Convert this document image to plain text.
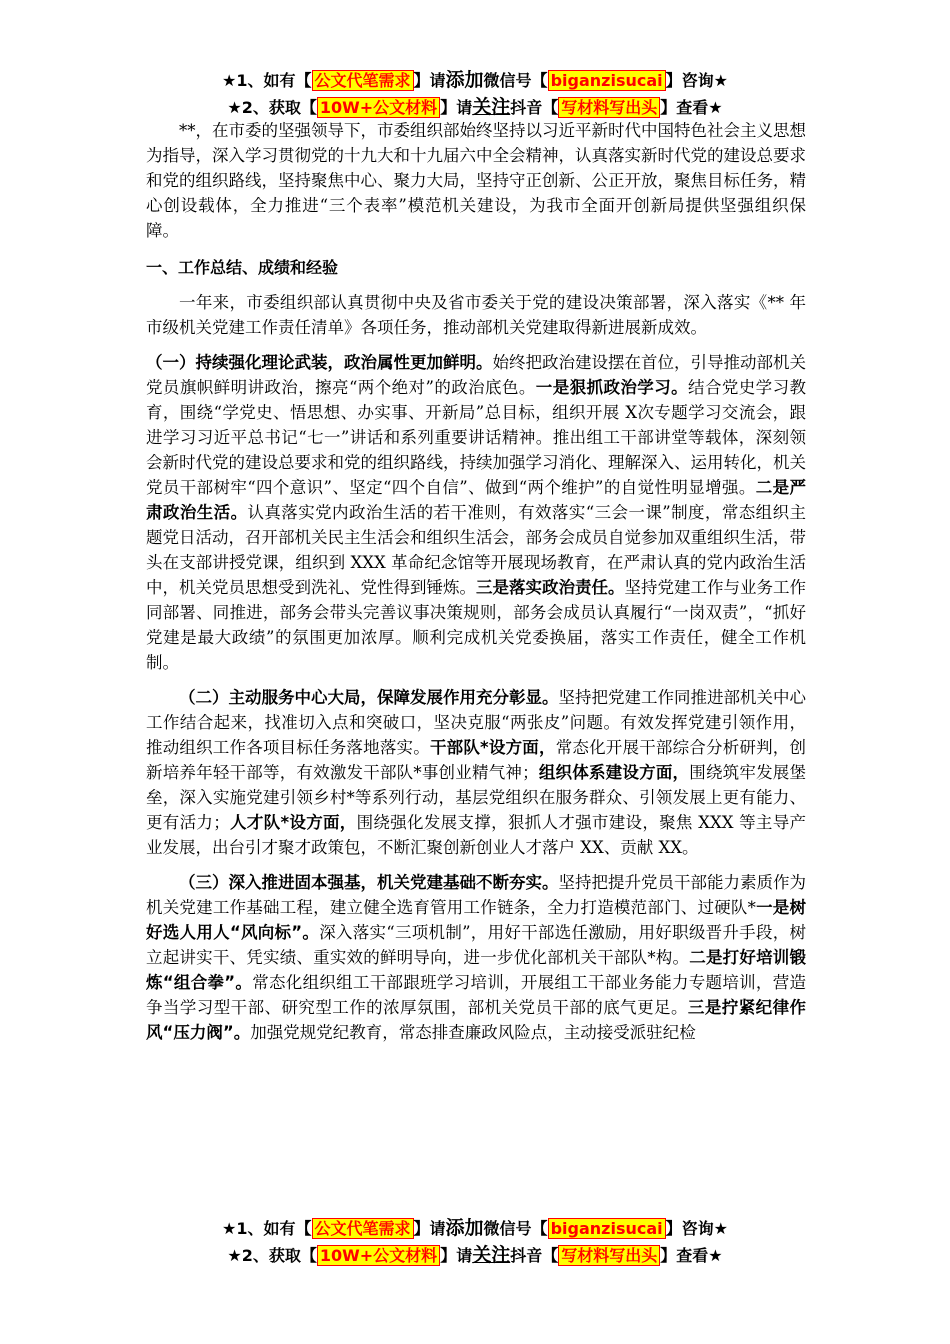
★1、如有【 公文代笔需求 】请添加微信号【 biganzisucai 】咨询★
★2、获取【 10W+公文材料 】请关注抖音【 写材料写出头 】查看★

**，在市委的坚强领导下，市委组织部始终坚持以习近平新时代中国特色社会主义思想为指导，深入学习贯彻党的十九大和十九届六中全会精神，认真落实新时代党的建设总要求和党的组织路线，坚持聚焦中心、聚力大局，坚持守正创新、公正开放，聚焦目标任务，精心创设载体，全力推进“三个表率”模范机关建设，为我市全面开创新局提供坚强组织保障。

一、工作总结、成绩和经验

一年来，市委组织部认真贯彻中央及省市委关于党的建设决策部署，深入落实《** 年市级机关党建工作责任清单》各项任务，推动部机关党建取得新进展新成效。

（一）持续强化理论武装，政治属性更加鲜明。始终把政治建设摆在首位，引导推动部机关党员旗帜鲜明讲政治，擦亮“两个绝对”的政治底色。一是狠抓政治学习。结合党史学习教育，围绕“学党史、悟思想、办实事、开新局”总目标，组织开展 X次专题学习交流会，跟进学习习近平总书记“七一”讲话和系列重要讲话精神。推出组工干部讲堂等载体，深刻领会新时代党的建设总要求和党的组织路线，持续加强学习消化、理解深入、运用转化，机关党员干部树牢“四个意识”、坚定“四个自信”、做到“两个维护”的自觉性明显增强。二是严肃政治生活。认真落实党内政治生活的若干准则，有效落实“三会一课”制度，常态组织主题党日活动，召开部机关民主生活会和组织生活会，部务会成员自觉参加双重组织生活，带头在支部讲授党课，组织到 XXX 革命纪念馆等开展现场教育，在严肃认真的党内政治生活中，机关党员思想受到洗礼、党性得到锤炼。三是落实政治责任。坚持党建工作与业务工作同部署、同推进，部务会带头完善议事决策规则，部务会成员认真履行“一岗双责”，“抓好党建是最大政绩”的氛围更加浓厚。顺利完成机关党委换届，落实工作责任，健全工作机制。

（二）主动服务中心大局，保障发展作用充分彰显。坚持把党建工作同推进部机关中心工作结合起来，找准切入点和突破口，坚决克服“两张皮”问题。有效发挥党建引领作用，推动组织工作各项目标任务落地落实。干部队*设方面，常态化开展干部综合分析研判，创新培养年轻干部等，有效激发干部队*事创业精气神；组织体系建设方面，围绕筑牢发展堡垒，深入实施党建引领乡村*等系列行动，基层党组织在服务群众、引领发展上更有能力、更有活力；人才队*设方面，围绕强化发展支撑，狠抓人才强市建设，聚焦 XXX 等主导产业发展，出台引才聚才政策包，不断汇聚创新创业人才落户 XX、贡献 XX。

（三）深入推进固本强基，机关党建基础不断夯实。坚持把提升党员干部能力素质作为机关党建工作基础工程，建立健全选育管用工作链条，全力打造模范部门、过硬队*一是树好选人用人“风向标”。深入落实“三项机制”，用好干部选任激励，用好职级晋升手段，树立起讲实干、凭实绩、重实效的鲜明导向，进一步优化部机关干部队*构。二是打好培训锻炼“组合拳”。常态化组织组工干部跟班学习培训，开展组工干部业务能力专题培训，营造争当学习型干部、研究型工作的浓厚氛围，部机关党员干部的底气更足。三是拧紧纪律作风“压力阀”。加强党规党纪教育，常态排查廉政风险点，主动接受派驻纪检

★1、如有【 公文代笔需求 】请添加微信号【 biganzisucai 】咨询★
★2、获取【 10W+公文材料 】请关注抖音【 写材料写出头 】查看★
